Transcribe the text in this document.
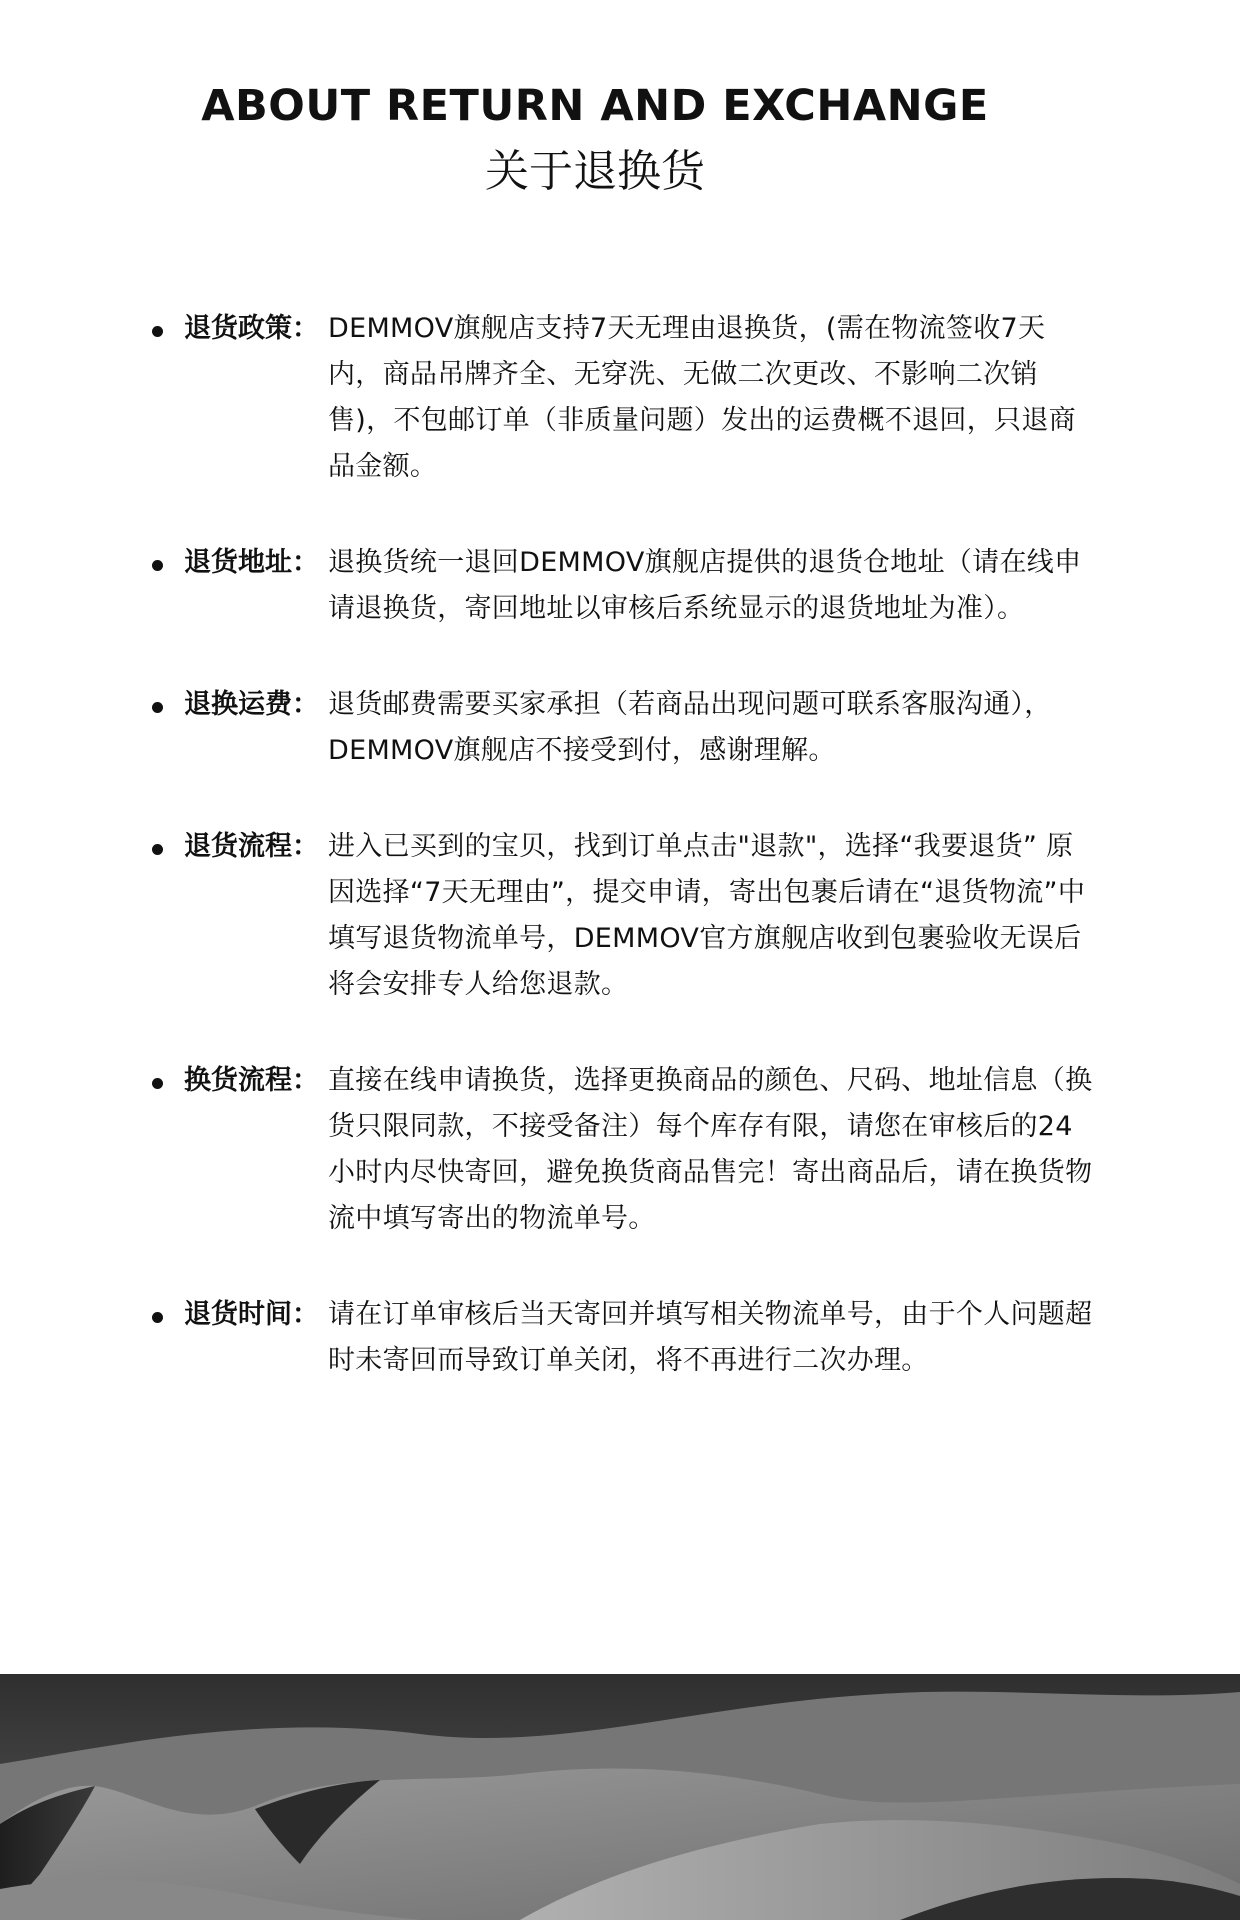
ABOUT RETURN AND EXCHANGE
关于退换货
退货政策： DEMMOV旗舰店支持7天无理由退换货，(需在物流签收7天内，商品吊牌齐全、无穿洗、无做二次更改、不影响二次销售)，不包邮订单（非质量问题）发出的运费概不退回，只退商品金额。
退货地址： 退换货统一退回DEMMOV旗舰店提供的退货仓地址（请在线申请退换货，寄回地址以审核后系统显示的退货地址为准）。
退换运费： 退货邮费需要买家承担（若商品出现问题可联系客服沟通），DEMMOV旗舰店不接受到付，感谢理解。
退货流程： 进入已买到的宝贝，找到订单点击"退款"，选择“我要退货” 原因选择“7天无理由”，提交申请，寄出包裹后请在“退货物流”中填写退货物流单号，DEMMOV官方旗舰店收到包裹验收无误后将会安排专人给您退款。
换货流程： 直接在线申请换货，选择更换商品的颜色、尺码、地址信息（换货只限同款，不接受备注）每个库存有限，请您在审核后的24小时内尽快寄回，避免换货商品售完！寄出商品后，请在换货物流中填写寄出的物流单号。
退货时间： 请在订单审核后当天寄回并填写相关物流单号，由于个人问题超时未寄回而导致订单关闭，将不再进行二次办理。
